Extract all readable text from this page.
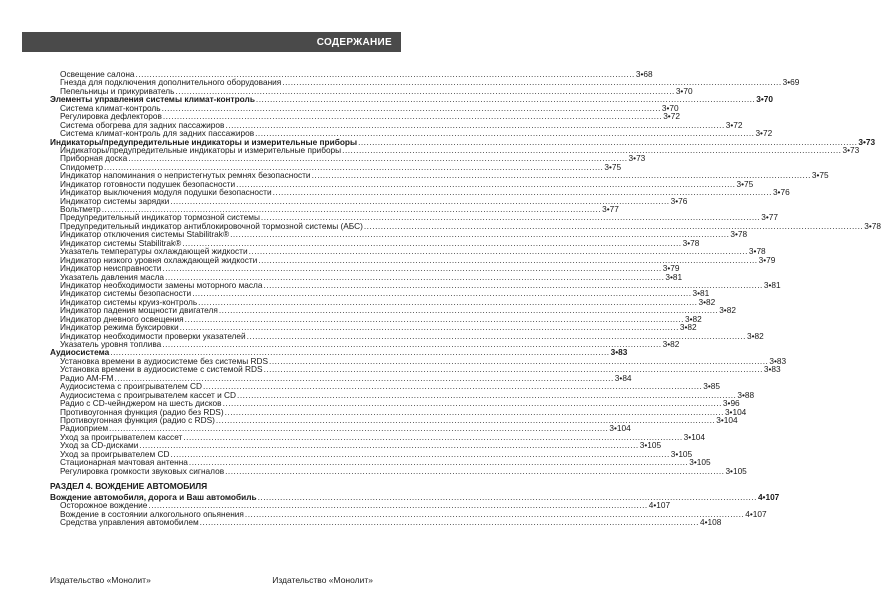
СОДЕРЖАНИЕ
Освещение салона .....	3•68
Гнезда для подключения дополнительного оборудования .....	3•69
Пепельницы и прикуриватель .....	3•70
Элементы управления системы климат-контроль .....	3•70
Система климат-контроль .....	3•70
Регулировка дефлекторов .....	3•72
Система обогрева для задних пассажиров .....	3•72
Система климат-контроль для задних пассажиров .....	3•72
Индикаторы/предупредительные индикаторы и измерительные приборы .....	3•73
Индикаторы/предупредительные индикаторы и измерительные приборы .....	3•73
Приборная доска .....	3•73
Спидометр .....	3•75
Индикатор напоминания о непристегнутых ремнях безопасности .....	3•75
Индикатор готовности подушек безопасности .....	3•75
Индикатор выключения модуля подушки безопасности .....	3•76
Индикатор системы зарядки .....	3•76
Вольтметр .....	3•77
Предупредительный индикатор тормозной системы .....	3•77
Предупредительный индикатор антиблокировочной тормозной системы (АБС) .....	3•78
Индикатор отключения системы Stabilitrak® .....	3•78
Индикатор системы Stabilitrak® .....	3•78
Указатель температуры охлаждающей жидкости .....	3•78
Индикатор низкого уровня охлаждающей жидкости .....	3•79
Индикатор неисправности .....	3•79
Указатель давления масла .....	3•81
Индикатор необходимости замены моторного масла .....	3•81
Индикатор системы безопасности .....	3•81
Индикатор системы круиз-контроль .....	3•82
Индикатор падения мощности двигателя .....	3•82
Индикатор дневного освещения .....	3•82
Индикатор режима буксировки .....	3•82
Индикатор необходимости проверки указателей .....	3•82
Указатель уровня топлива .....	3•82
Аудиосистема .....	3•83
Установка времени в аудиосистеме без системы RDS .....	3•83
Установка времени в аудиосистеме с системой RDS .....	3•83
Радио AM-FM .....	3•84
Аудиосистема с проигрывателем CD .....	3•85
Аудиосистема с проигрывателем кассет и CD .....	3•88
Радио с CD-чейнджером на шесть дисков .....	3•96
Противоугонная функция (радио без RDS) .....	3•104
Противоугонная функция (радио с RDS) .....	3•104
Радиоприем .....	3•104
Уход за проигрывателем кассет .....	3•104
Уход за CD-дисками .....	3•105
Уход за проигрывателем CD .....	3•105
Стационарная мачтовая антенна .....	3•105
Регулировка громкости звуковых сигналов .....	3•105
РАЗДЕЛ 4. ВОЖДЕНИЕ АВТОМОБИЛЯ
Вождение автомобиля, дорога и Ваш автомобиль .....	4•107
Осторожное вождение .....	4•107
Вождение в состоянии алкогольного опьянения .....	4•107
Средства управления автомобилем .....	4•108
Издательство «Монолит»	Издательство «Монолит»
